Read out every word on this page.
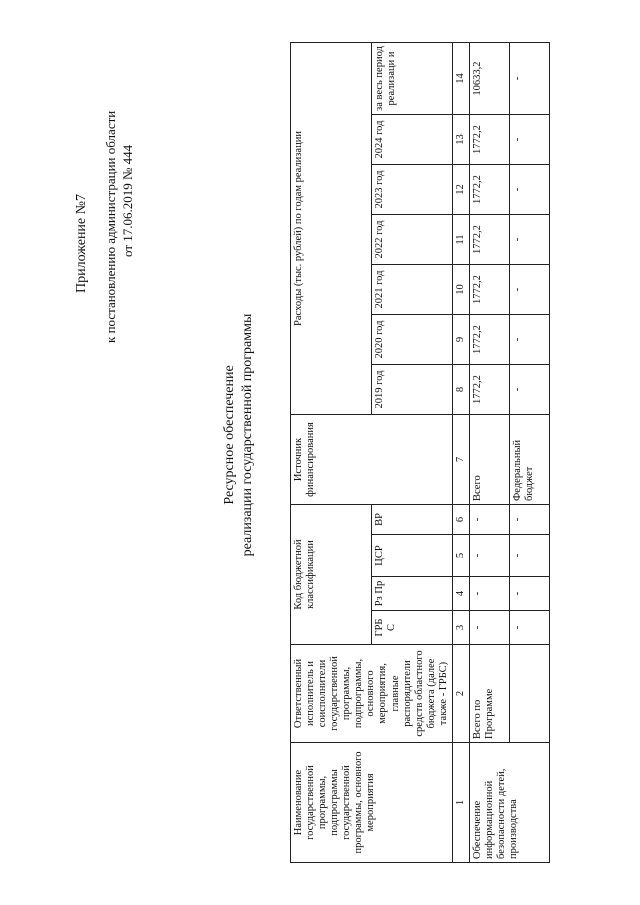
Приложение №7 к постановлению администрации области от 17.06.2019 № 444
Ресурсное обеспечение реализации государственной программы
Наименование государственной программы, подпрограммы государственной программы, основного мероприятия	Ответственный исполнитель и соисполнители государственной программы, подпрограммы, основного мероприятия, главные распорядители средств областного бюджета (далее также - ГРБС)	Код бюджетной классификации				Источник финансирования	Расходы (тыс. рублей) по годам реализации						
		ГРБ С	Рз Пр	ЦСР	ВР		2019 год	2020 год	2021 год	2022 год	2023 год	2024 год	за весь период реализаци и
1	2	3	4	5	6	7	8	9	10	11	12	13	14
Обеспечение информационной безопасности детей, производства	Всего по Программе	-	-	-	-	Всего	1772,2	1772,2	1772,2	1772,2	1772,2	1772,2	10633,2
		-	-	-	-	Федеральный бюджет	-	-	-	-	-	-	-
